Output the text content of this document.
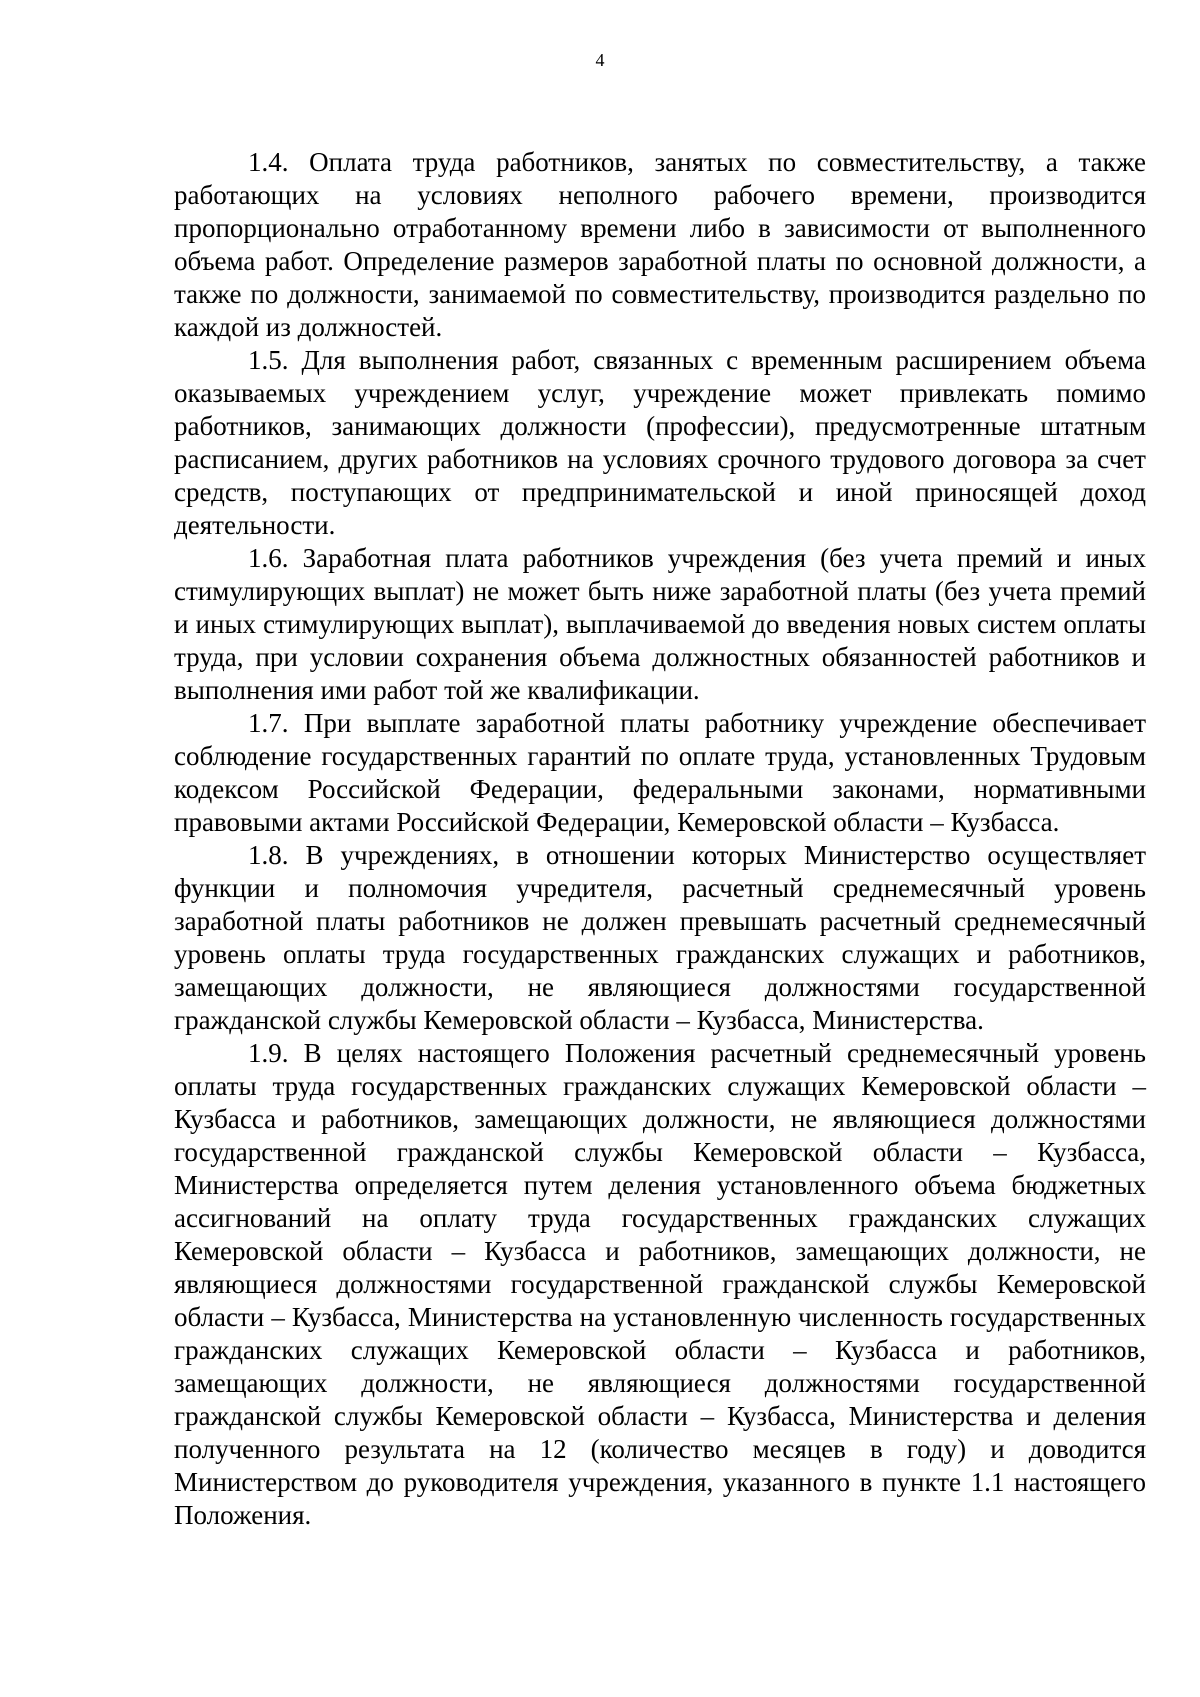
4

1.4. Оплата труда работников, занятых по совместительству, а также работающих на условиях неполного рабочего времени, производится пропорционально отработанному времени либо в зависимости от выполненного объема работ. Определение размеров заработной платы по основной должности, а также по должности, занимаемой по совместительству, производится раздельно по каждой из должностей.

1.5. Для выполнения работ, связанных с временным расширением объема оказываемых учреждением услуг, учреждение может привлекать помимо работников, занимающих должности (профессии), предусмотренные штатным расписанием, других работников на условиях срочного трудового договора за счет средств, поступающих от предпринимательской и иной приносящей доход деятельности.

1.6. Заработная плата работников учреждения (без учета премий и иных стимулирующих выплат) не может быть ниже заработной платы (без учета премий и иных стимулирующих выплат), выплачиваемой до введения новых систем оплаты труда, при условии сохранения объема должностных обязанностей работников и выполнения ими работ той же квалификации.

1.7. При выплате заработной платы работнику учреждение обеспечивает соблюдение государственных гарантий по оплате труда, установленных Трудовым кодексом Российской Федерации, федеральными законами, нормативными правовыми актами Российской Федерации, Кемеровской области – Кузбасса.

1.8. В учреждениях, в отношении которых Министерство осуществляет функции и полномочия учредителя, расчетный среднемесячный уровень заработной платы работников не должен превышать расчетный среднемесячный уровень оплаты труда государственных гражданских служащих и работников, замещающих должности, не являющиеся должностями государственной гражданской службы Кемеровской области – Кузбасса, Министерства.

1.9. В целях настоящего Положения расчетный среднемесячный уровень оплаты труда государственных гражданских служащих Кемеровской области – Кузбасса и работников, замещающих должности, не являющиеся должностями государственной гражданской службы Кемеровской области – Кузбасса, Министерства определяется путем деления установленного объема бюджетных ассигнований на оплату труда государственных гражданских служащих Кемеровской области – Кузбасса и работников, замещающих должности, не являющиеся должностями государственной гражданской службы Кемеровской области – Кузбасса, Министерства на установленную численность государственных гражданских служащих Кемеровской области – Кузбасса и работников, замещающих должности, не являющиеся должностями государственной гражданской службы Кемеровской области – Кузбасса, Министерства и деления полученного результата на 12 (количество месяцев в году) и доводится Министерством до руководителя учреждения, указанного в пункте 1.1 настоящего Положения.
